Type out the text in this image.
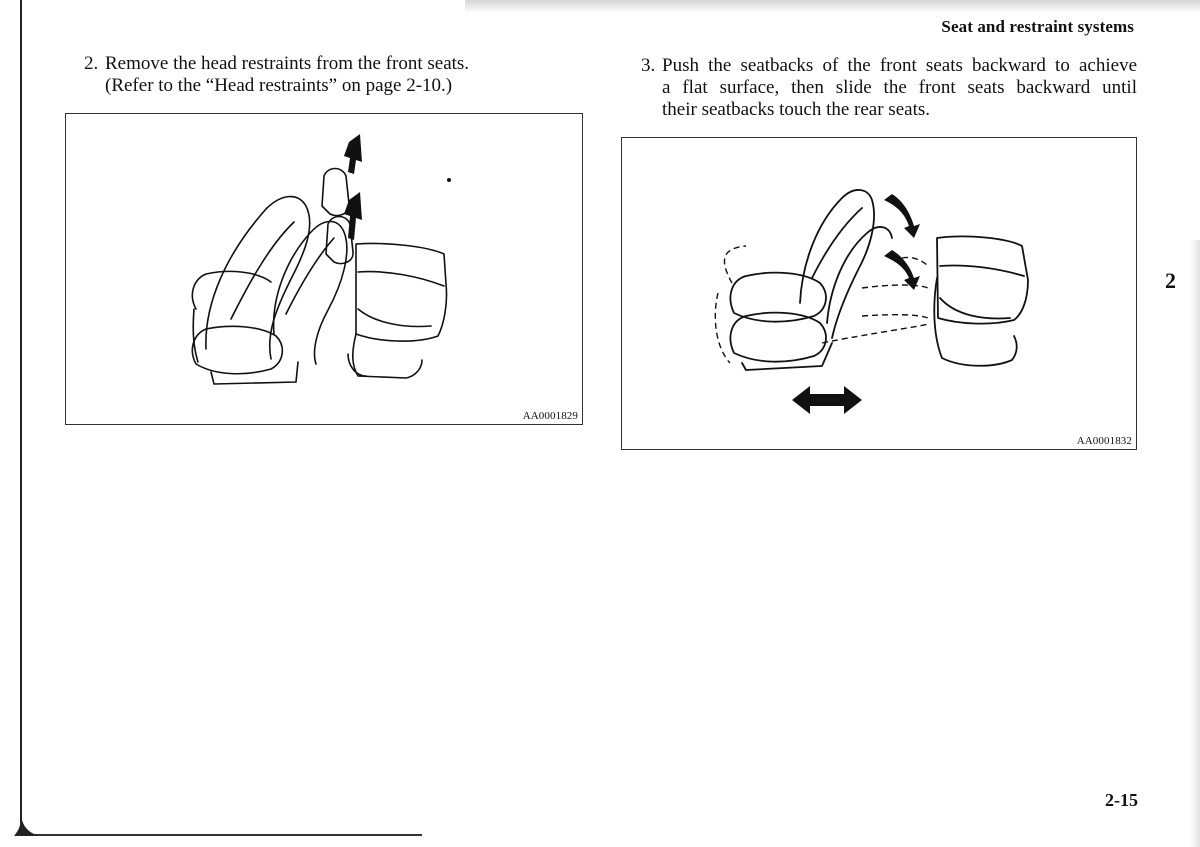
Seat and restraint systems
2
2. Remove the head restraints from the front seats.
(Refer to the “Head restraints” on page 2-10.)
3. Push the seatbacks of the front seats backward to achieve
a flat surface, then slide the front seats backward until
their seatbacks touch the rear seats.
AA0001829
AA0001832
2-15
